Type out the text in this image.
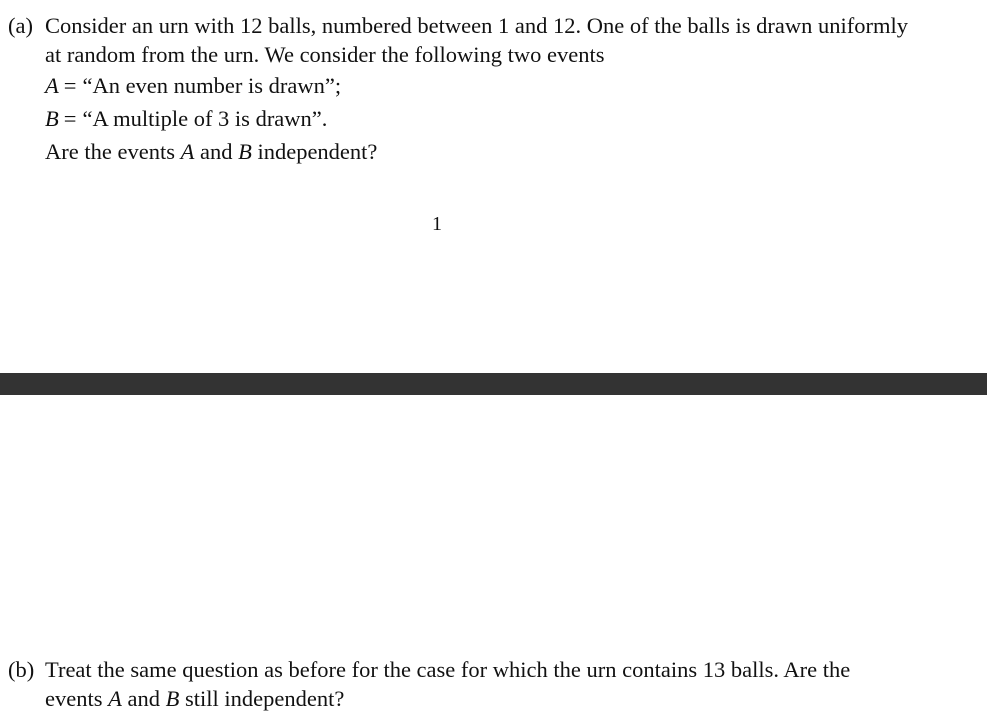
(a) Consider an urn with 12 balls, numbered between 1 and 12. One of the balls is drawn uniformly
at random from the urn. We consider the following two events
A = “An even number is drawn”;
B = “A multiple of 3 is drawn”.
Are the events A and B independent?
1
(b) Treat the same question as before for the case for which the urn contains 13 balls. Are the
events A and B still independent?
